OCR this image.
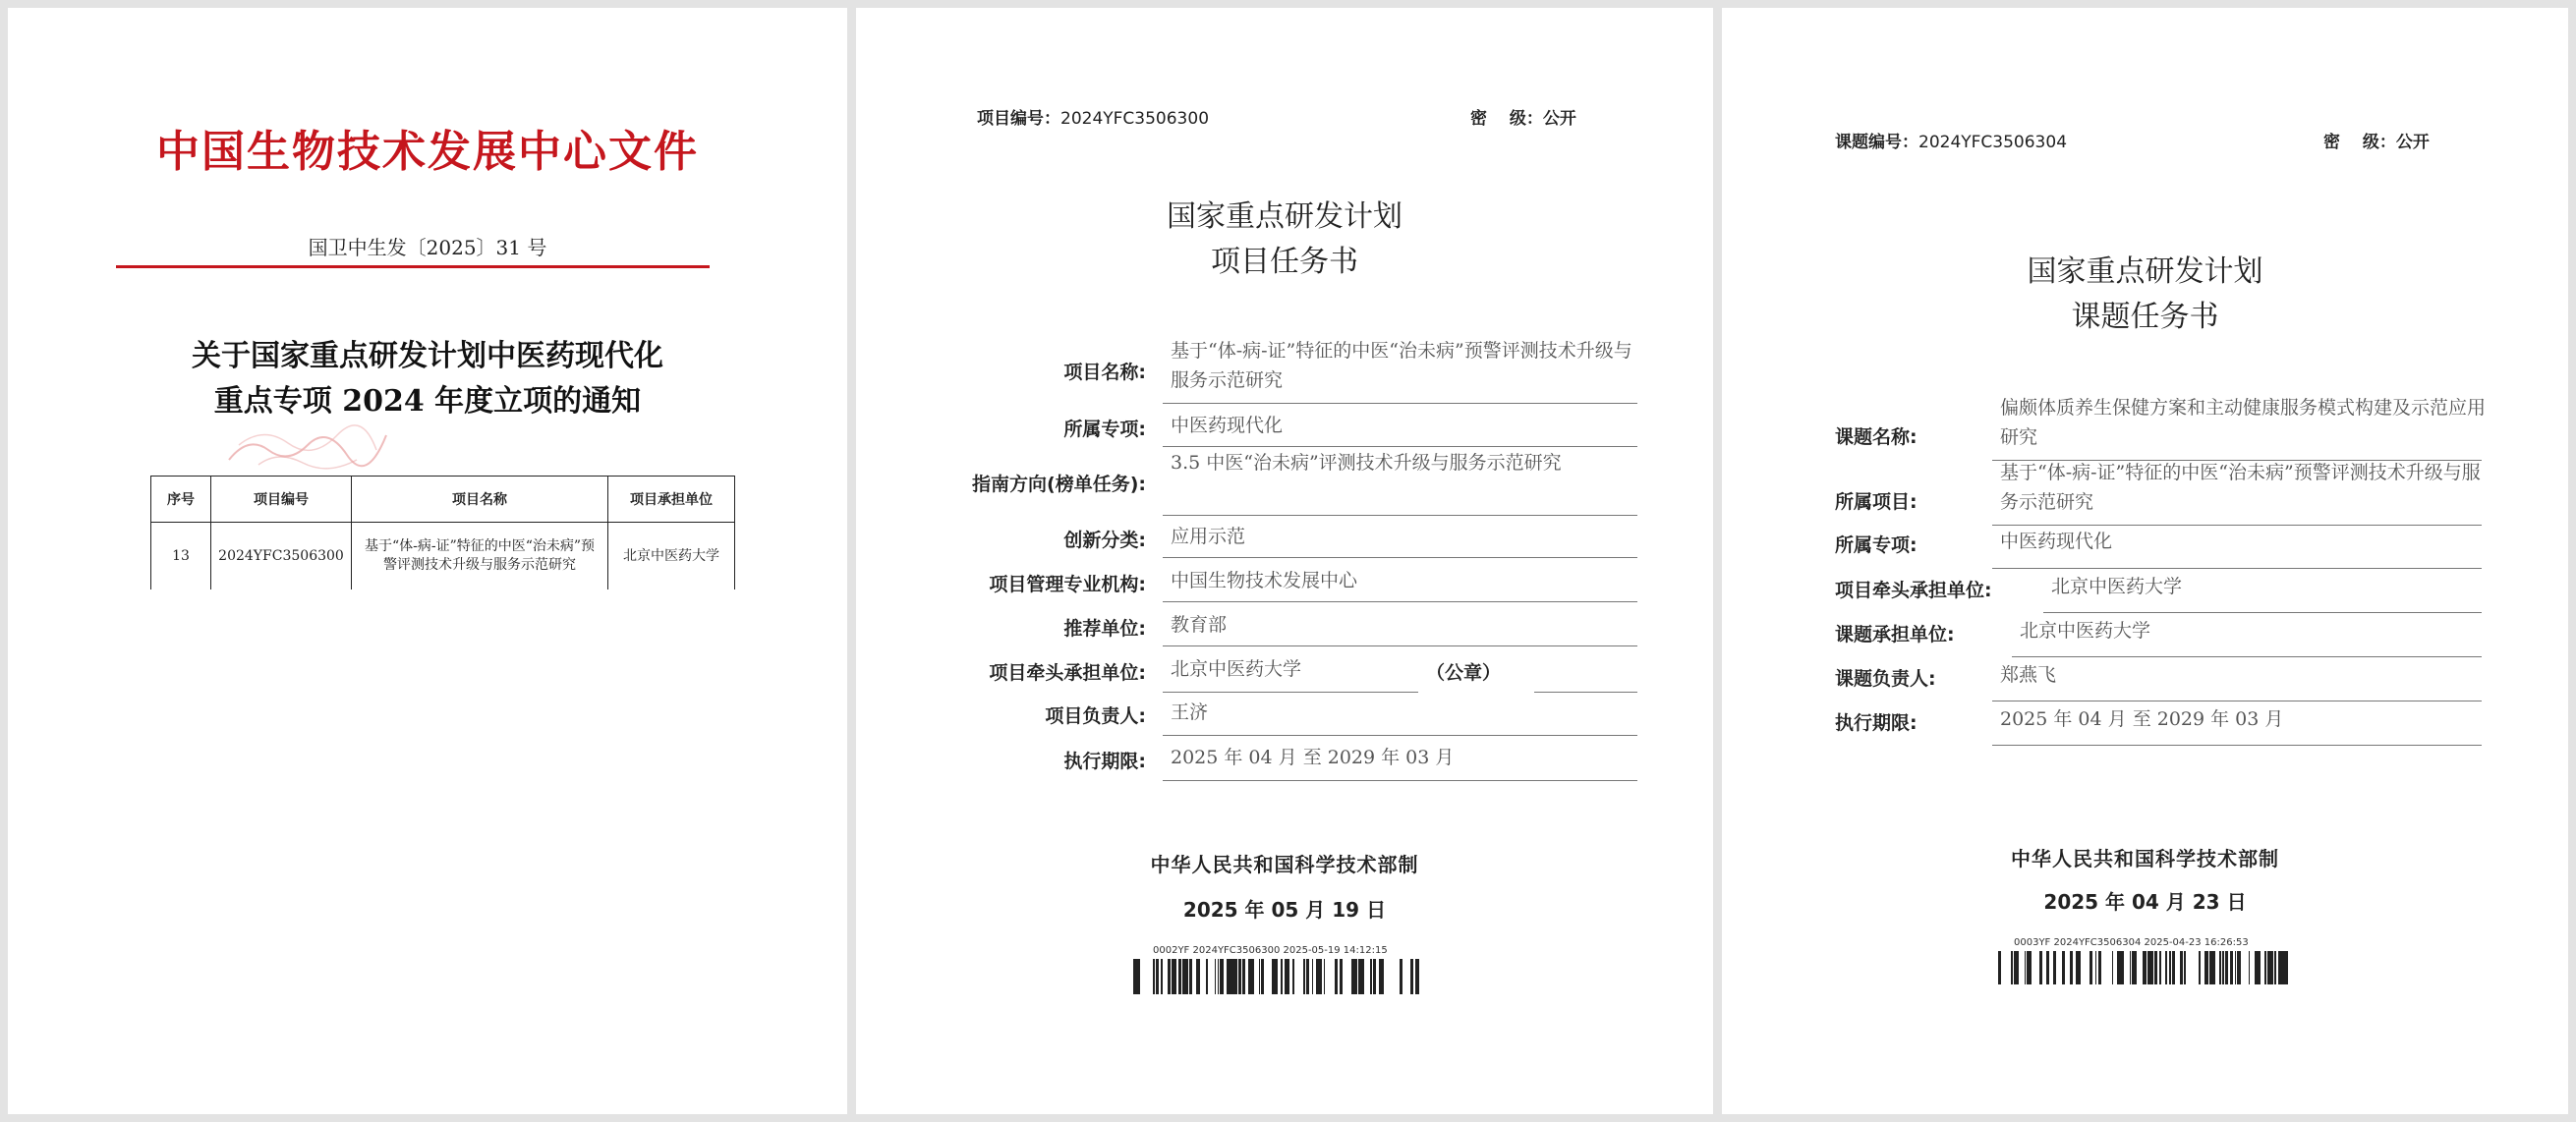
中国生物技术发展中心文件
国卫中生发〔2025〕31 号
关于国家重点研发计划中医药现代化
重点专项 2024 年度立项的通知
序号	项目编号	项目名称	项目承担单位
13	2024YFC3506300	基于“体-病-证”特征的中医“治未病”预警评测技术升级与服务示范研究	北京中医药大学
项目编号：2024YFC3506300	密　 级：公开
国家重点研发计划
项目任务书
项目名称:
基于“体-病-证”特征的中医“治未病”预警评测技术升级与服务示范研究
所属专项: 中医药现代化
指南方向(榜单任务):
3.5 中医“治未病”评测技术升级与服务示范研究
创新分类: 应用示范
项目管理专业机构: 中国生物技术发展中心
推荐单位: 教育部
项目牵头承担单位: 北京中医药大学	（公章）
项目负责人: 王济
执行期限: 2025 年 04 月 至 2029 年 03 月
中华人民共和国科学技术部制
2025 年 05 月 19 日
0002YF 2024YFC3506300 2025-05-19 14:12:15
课题编号：2024YFC3506304	密　 级：公开
国家重点研发计划
课题任务书
课题名称:
偏颇体质养生保健方案和主动健康服务模式构建及示范应用研究
所属项目:
基于“体-病-证”特征的中医“治未病”预警评测技术升级与服务示范研究
所属专项:	中医药现代化
项目牵头承担单位:	北京中医药大学
课题承担单位:	北京中医药大学
课题负责人:	郑燕飞
执行期限:	2025 年 04 月 至 2029 年 03 月
中华人民共和国科学技术部制
2025 年 04 月 23 日
0003YF 2024YFC3506304 2025-04-23 16:26:53
